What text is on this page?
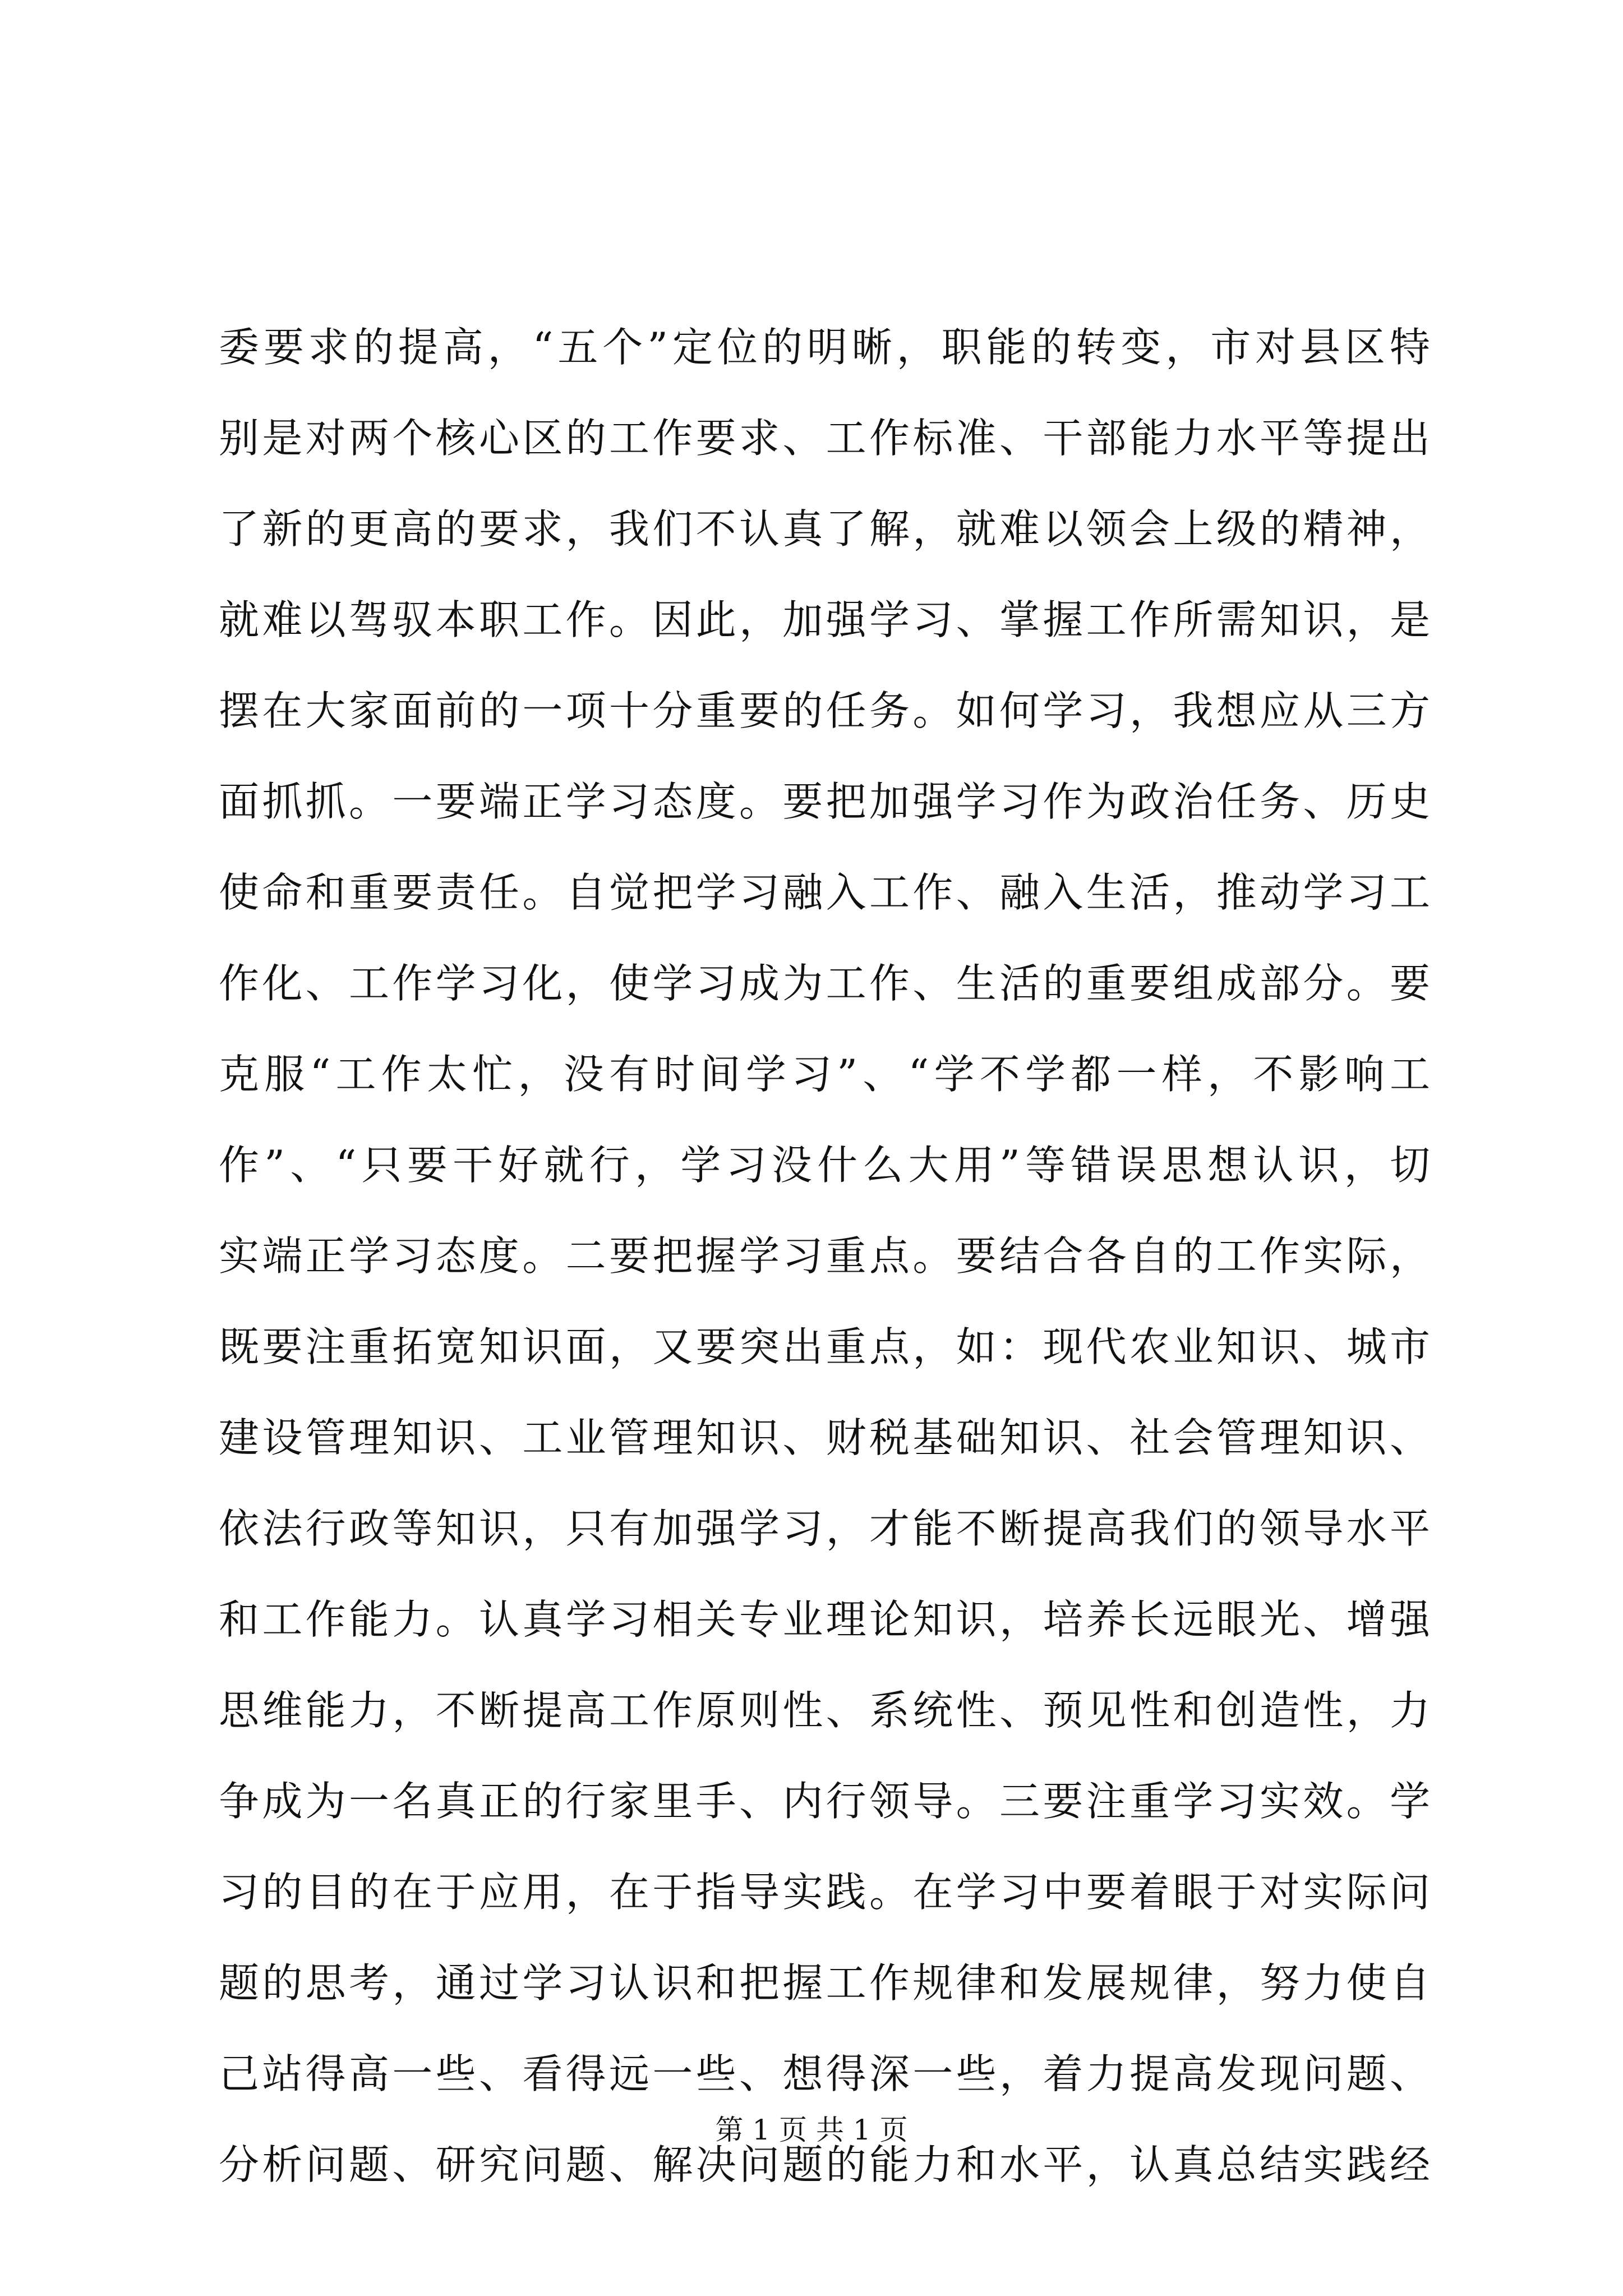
委要求的提高，“五个”定位的明晰，职能的转变，市对县区特
别是对两个核心区的工作要求、工作标准、干部能力水平等提出
了新的更高的要求，我们不认真了解，就难以领会上级的精神，
就难以驾驭本职工作。因此，加强学习、掌握工作所需知识，是
摆在大家面前的一项十分重要的任务。如何学习，我想应从三方
面抓抓。一要端正学习态度。要把加强学习作为政治任务、历史
使命和重要责任。自觉把学习融入工作、融入生活，推动学习工
作化、工作学习化，使学习成为工作、生活的重要组成部分。要
克服“工作太忙，没有时间学习”、“学不学都一样，不影响工
作”、“只要干好就行，学习没什么大用”等错误思想认识，切
实端正学习态度。二要把握学习重点。要结合各自的工作实际，
既要注重拓宽知识面，又要突出重点，如：现代农业知识、城市
建设管理知识、工业管理知识、财税基础知识、社会管理知识、
依法行政等知识，只有加强学习，才能不断提高我们的领导水平
和工作能力。认真学习相关专业理论知识，培养长远眼光、增强
思维能力，不断提高工作原则性、系统性、预见性和创造性，力
争成为一名真正的行家里手、内行领导。三要注重学习实效。学
习的目的在于应用，在于指导实践。在学习中要着眼于对实际问
题的思考，通过学习认识和把握工作规律和发展规律，努力使自
己站得高一些、看得远一些、想得深一些，着力提高发现问题、
分析问题、研究问题、解决问题的能力和水平，认真总结实践经
第 1 页 共 1 页
